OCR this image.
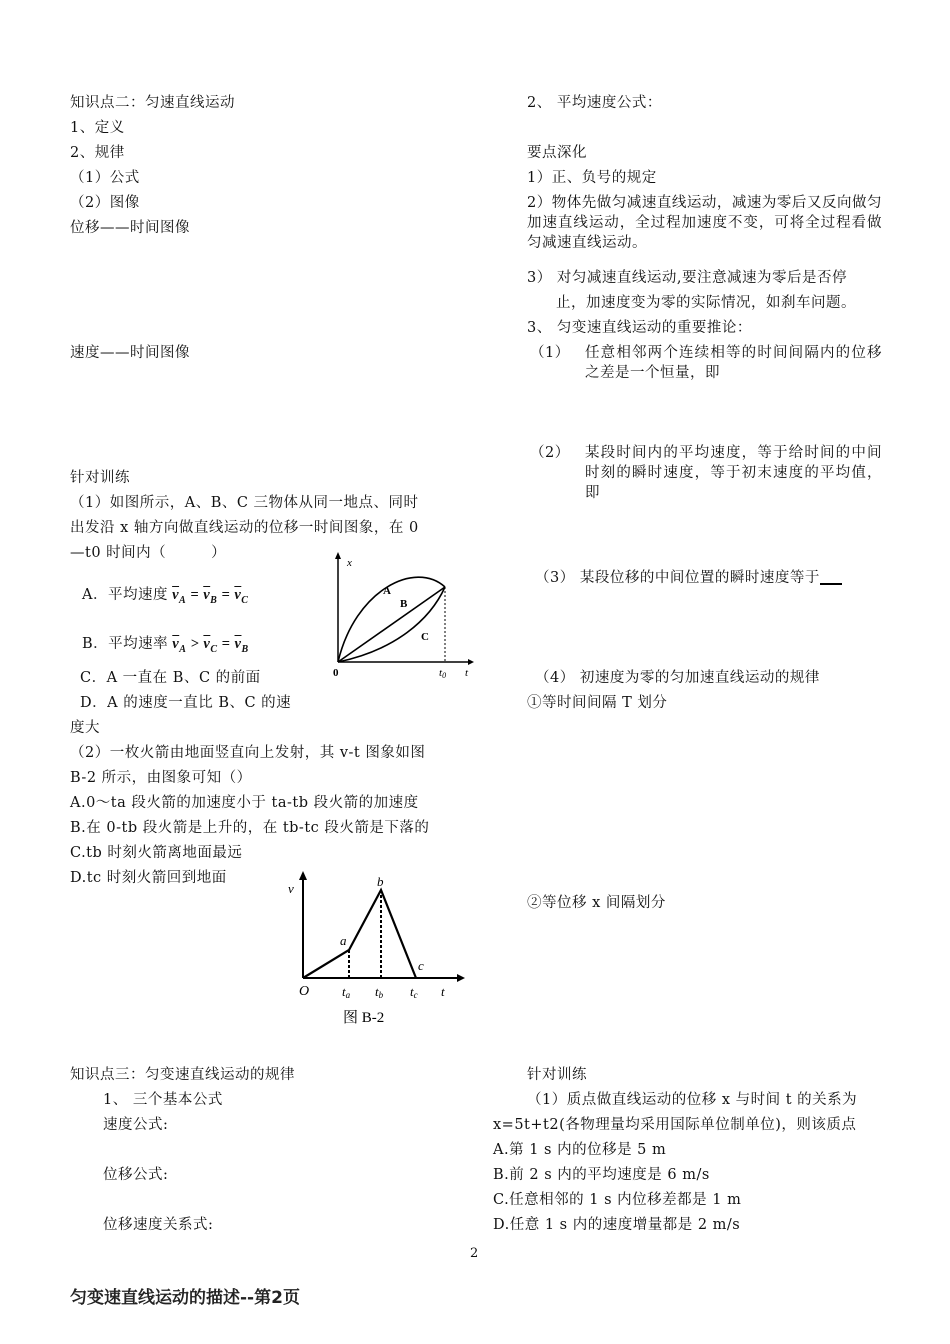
知识点二：匀速直线运动
1、定义
2、规律
（1）公式
（2）图像
位移——时间图像
速度——时间图像
针对训练
（1）如图所示，A、B、C 三物体从同一地点、同时
出发沿 x 轴方向做直线运动的位移一时间图象，在 0
—t0 时间内（　　　）
A．平均速度 $\overline{v}_A = \overline{v}_B = \overline{v}_C$
B．平均速率 $\overline{v}_A > \overline{v}_C = \overline{v}_B$
C．A 一直在 B、C 的前面
D．A 的速度一直比 B、C 的速
度大
（2）一枚火箭由地面竖直向上发射，其 v-t 图象如图
B-2 所示，由图象可知（）
A.0～ta 段火箭的加速度小于 ta-tb 段火箭的加速度
B.在 0-tb 段火箭是上升的，在 tb-tc 段火箭是下落的
C.tb 时刻火箭离地面最远
D.tc 时刻火箭回到地面
x
t
0	t0
A
B
C
v
t
O
a
b
c
ta tb tc
图 B-2
知识点三：匀变速直线运动的规律
1、 三个基本公式
速度公式:
位移公式:
位移速度关系式:
2、 平均速度公式：
要点深化
1）正、负号的规定
2）物体先做匀减速直线运动，减速为零后又反向做匀加速直线运动，全过程加速度不变，可将全过程看做匀减速直线运动。
3） 对匀减速直线运动,要注意减速为零后是否停
止，加速度变为零的实际情况，如刹车问题。
3、 匀变速直线运动的重要推论：
（1） 任意相邻两个连续相等的时间间隔内的位移之差是一个恒量，即
（2） 某段时间内的平均速度，等于给时间的中间时刻的瞬时速度，等于初末速度的平均值，即
（3） 某段位移的中间位置的瞬时速度等于
（4） 初速度为零的匀加速直线运动的规律
①等时间间隔 T 划分
②等位移 x 间隔划分
针对训练
（1）质点做直线运动的位移 x 与时间 t 的关系为
x=5t+t2(各物理量均采用国际单位制单位)，则该质点
A.第 1 s 内的位移是 5 m
B.前 2 s 内的平均速度是 6 m/s
C.任意相邻的 1 s 内位移差都是 1 m
D.任意 1 s 内的速度增量都是 2 m/s
2
匀变速直线运动的描述--第2页
